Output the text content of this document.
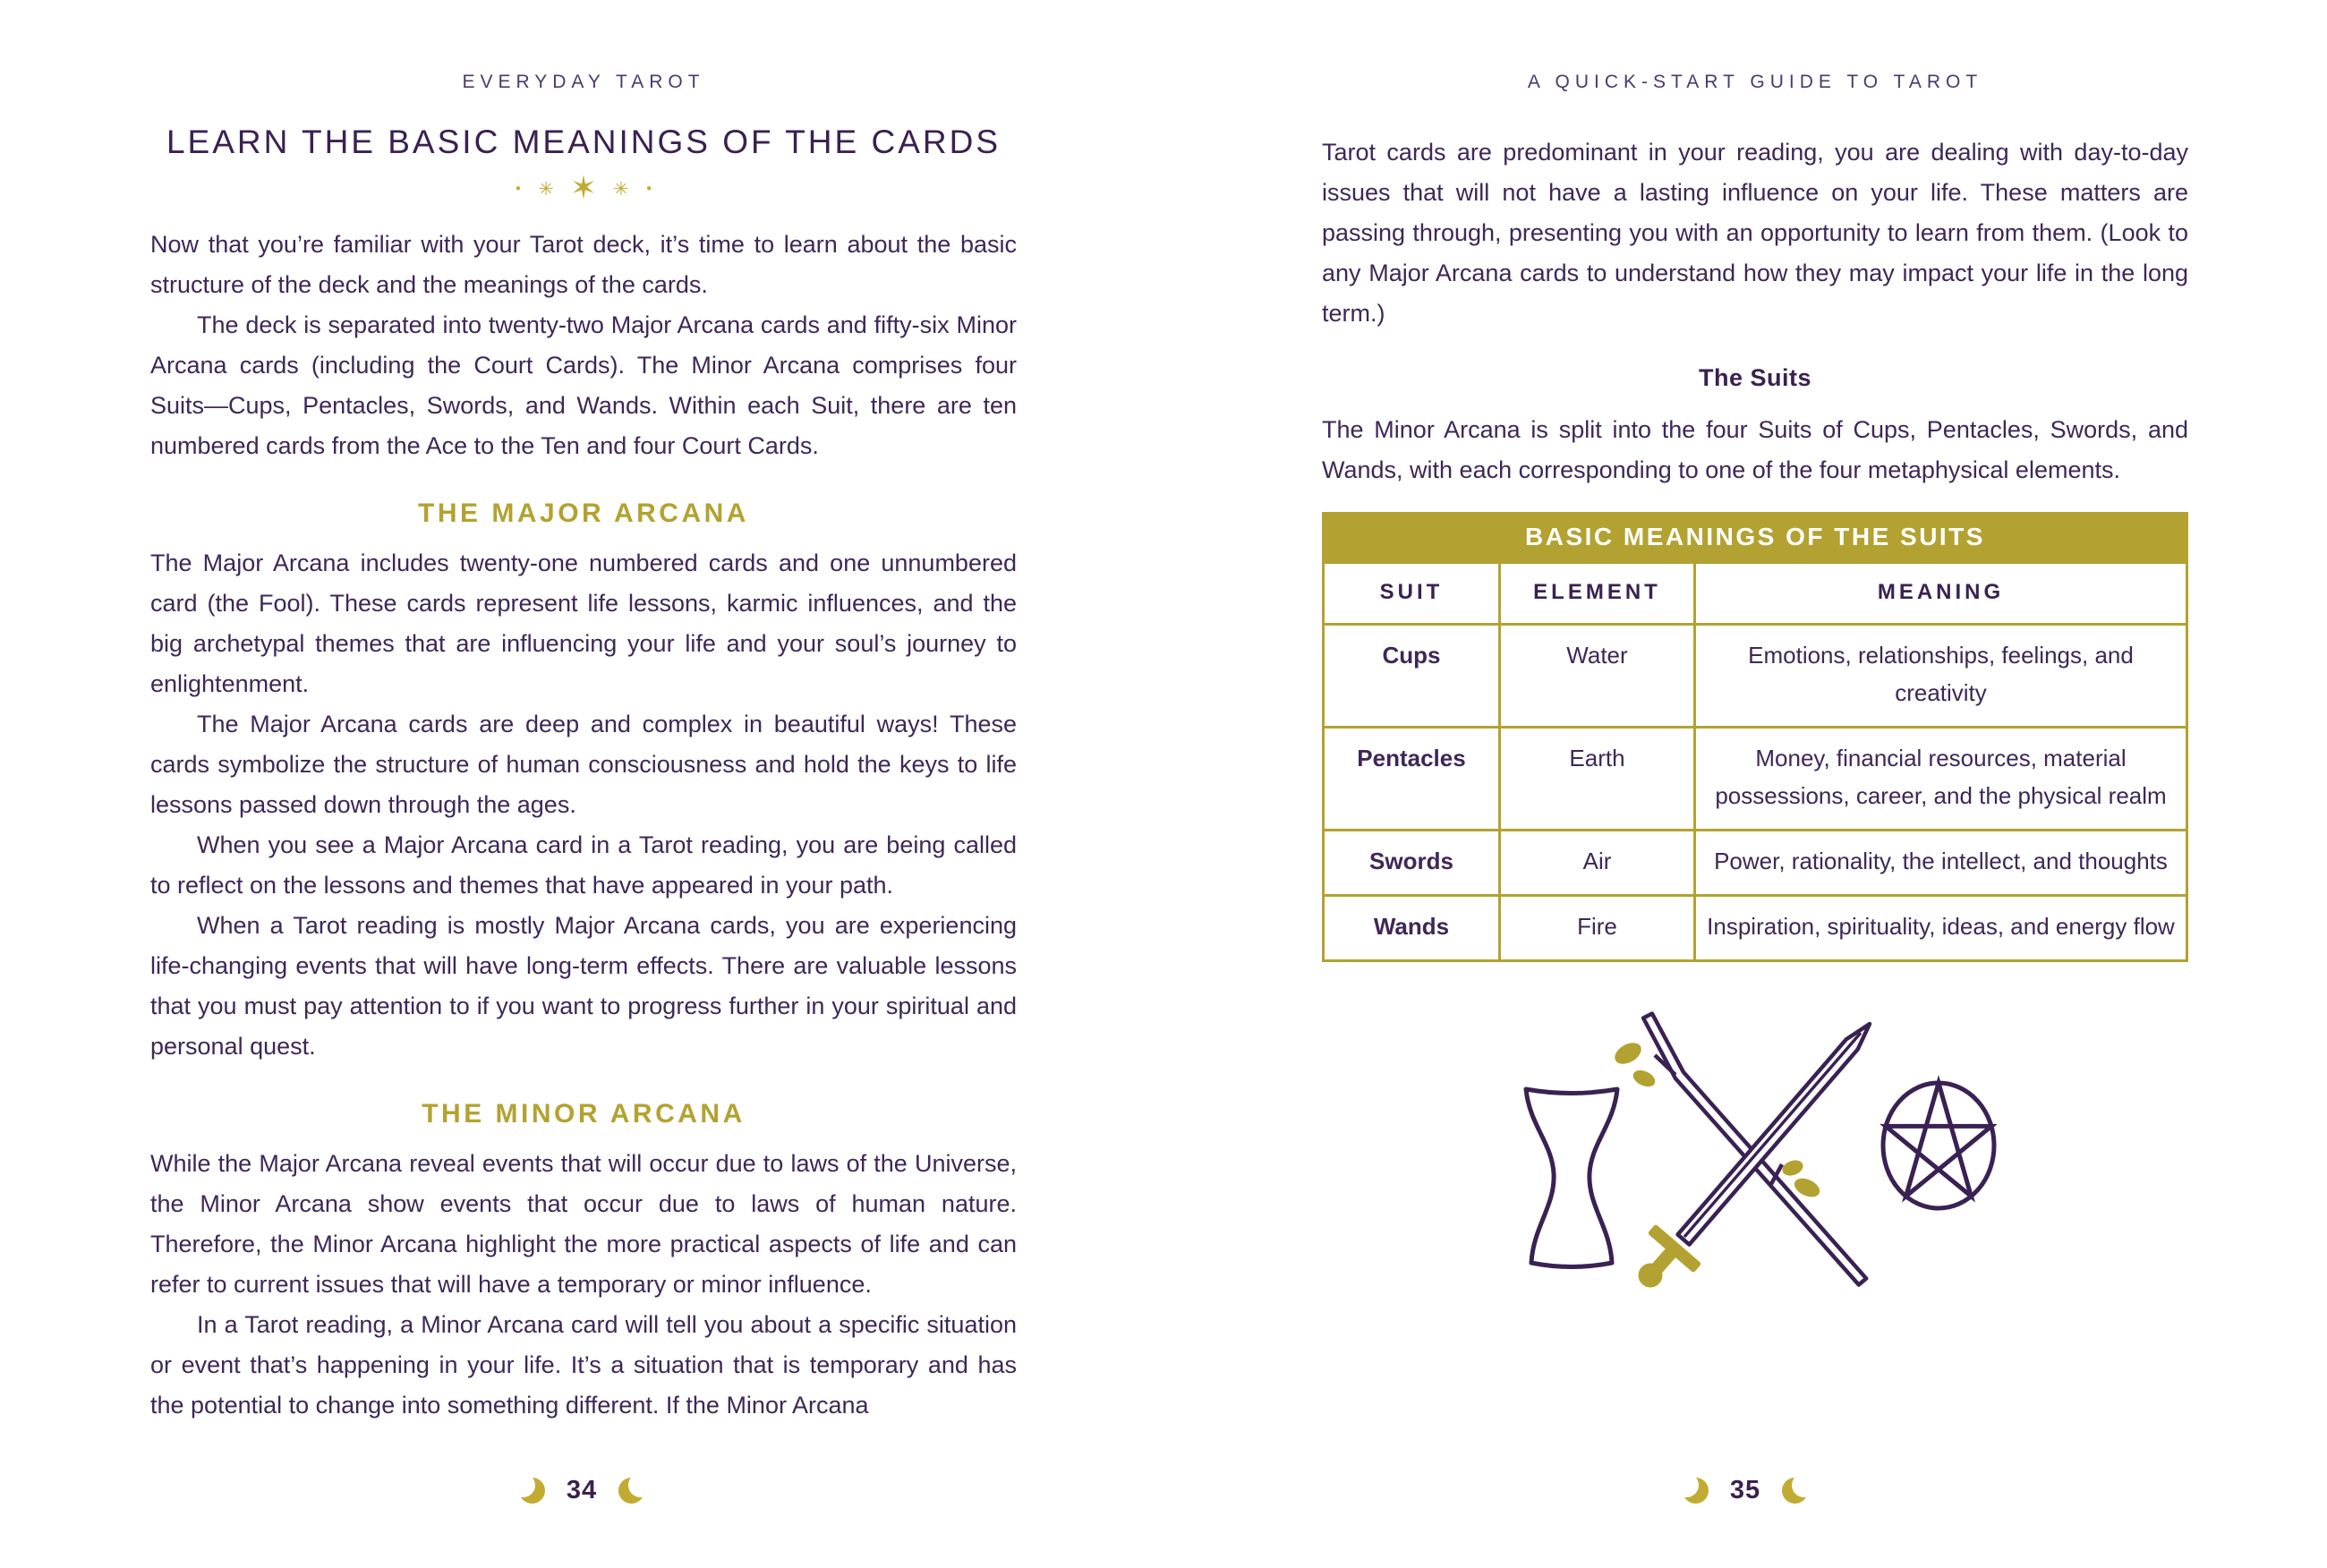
EVERYDAY TAROT
LEARN THE BASIC MEANINGS OF THE CARDS
• ✳ ✶ ✳ •

Now that you’re familiar with your Tarot deck, it’s time to learn about the basic structure of the deck and the meanings of the cards.

The deck is separated into twenty-two Major Arcana cards and fifty-six Minor Arcana cards (including the Court Cards). The Minor Arcana comprises four Suits—Cups, Pentacles, Swords, and Wands. Within each Suit, there are ten numbered cards from the Ace to the Ten and four Court Cards.

THE MAJOR ARCANA

The Major Arcana includes twenty-one numbered cards and one unnumbered card (the Fool). These cards represent life lessons, karmic influences, and the big archetypal themes that are influencing your life and your soul’s journey to enlightenment.

The Major Arcana cards are deep and complex in beautiful ways! These cards symbolize the structure of human consciousness and hold the keys to life lessons passed down through the ages.

When you see a Major Arcana card in a Tarot reading, you are being called to reflect on the lessons and themes that have appeared in your path.

When a Tarot reading is mostly Major Arcana cards, you are experiencing life-changing events that will have long-term effects. There are valuable lessons that you must pay attention to if you want to progress further in your spiritual and personal quest.

THE MINOR ARCANA

While the Major Arcana reveal events that will occur due to laws of the Universe, the Minor Arcana show events that occur due to laws of human nature. Therefore, the Minor Arcana highlight the more practical aspects of life and can refer to current issues that will have a temporary or minor influence.

In a Tarot reading, a Minor Arcana card will tell you about a specific situation or event that’s happening in your life. It’s a situation that is temporary and has the potential to change into something different. If the Minor Arcana

34
A QUICK-START GUIDE TO TAROT

Tarot cards are predominant in your reading, you are dealing with day-to-day issues that will not have a lasting influence on your life. These matters are passing through, presenting you with an opportunity to learn from them. (Look to any Major Arcana cards to understand how they may impact your life in the long term.)

The Suits

The Minor Arcana is split into the four Suits of Cups, Pentacles, Swords, and Wands, with each corresponding to one of the four metaphysical elements.

BASIC MEANINGS OF THE SUITS		
SUIT	ELEMENT	MEANING
Cups	Water	Emotions, relationships, feelings, and creativity
Pentacles	Earth	Money, financial resources, material possessions, career, and the physical realm
Swords	Air	Power, rationality, the intellect, and thoughts
Wands	Fire	Inspiration, spirituality, ideas, and energy flow
35
